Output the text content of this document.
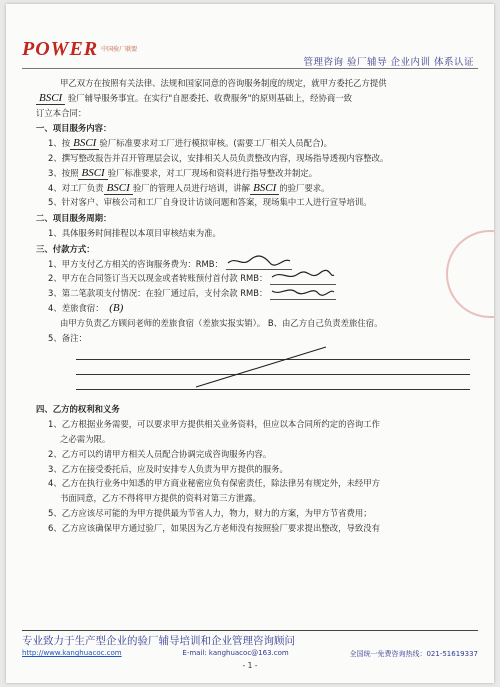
POWER $^{中国验厂联盟}$
管理咨询 验厂辅导 企业内训 体系认证

甲乙双方在按照有关法律、法规和国家同意的咨询服务制度的规定，就甲方委托乙方提供
BSCI 验厂辅导服务事宜。在实行"自愿委托、收费服务"的原则基础上，经协商一致
订立本合同：

一、项目服务内容：

1、按 BSCI 验厂标准要求对工厂进行模拟审核。(需要工厂相关人员配合)。

2、撰写整改报告并召开管理层会议，安排相关人员负责整改内容，现场指导透视内容整改。

3、按照 BSCI 验厂标准要求，对工厂现场和资料进行指导整改并制定。

4、对工厂负责 BSCI 验厂的管理人员进行培训，讲解 BSCI 的验厂要求。

5、针对客户、审核公司和工厂自身设计访谈问题和答案，现场集中工人进行宣导培训。

二、项目服务周期：

1、具体服务时间排程以本项目审核结束为准。

三、付款方式：

1、甲方支付乙方相关的咨询服务费为：RMB：

2、甲方在合同签订当天以现金或者转账预付首付款 RMB：

3、第二笔款项支付情况：在验厂通过后，支付余款 RMB：

4、差旅食宿： (B)

由甲方负责乙方顾问老师的差旅食宿（差旅实报实销）。 B、由乙方自己负责差旅住宿。

5、备注：

四、乙方的权利和义务

1、乙方根据业务需要，可以要求甲方提供相关业务资料，但应以本合同所约定的咨询工作

之必需为限。

2、乙方可以约请甲方相关人员配合协调完成咨询服务内容。

3、乙方在接受委托后，应及时安排专人负责为甲方提供的服务。

4、乙方在执行业务中知悉的甲方商业秘密应负有保密责任，除法律另有规定外，未经甲方

书面同意，乙方不得将甲方提供的资料对第三方泄露。

5、乙方应该尽可能的为甲方提供最为节省人力，物力，财力的方案，为甲方节省费用；

6、乙方应该确保甲方通过验厂，如果因为乙方老师没有按照验厂要求提出整改，导致没有

专业致力于生产型企业的验厂辅导培训和企业管理咨询顾问
http://www.kanghuacoc.com	E-mail: kanghuacoc@163.com	全国统一免费咨询热线：021-51619337
- 1 -
